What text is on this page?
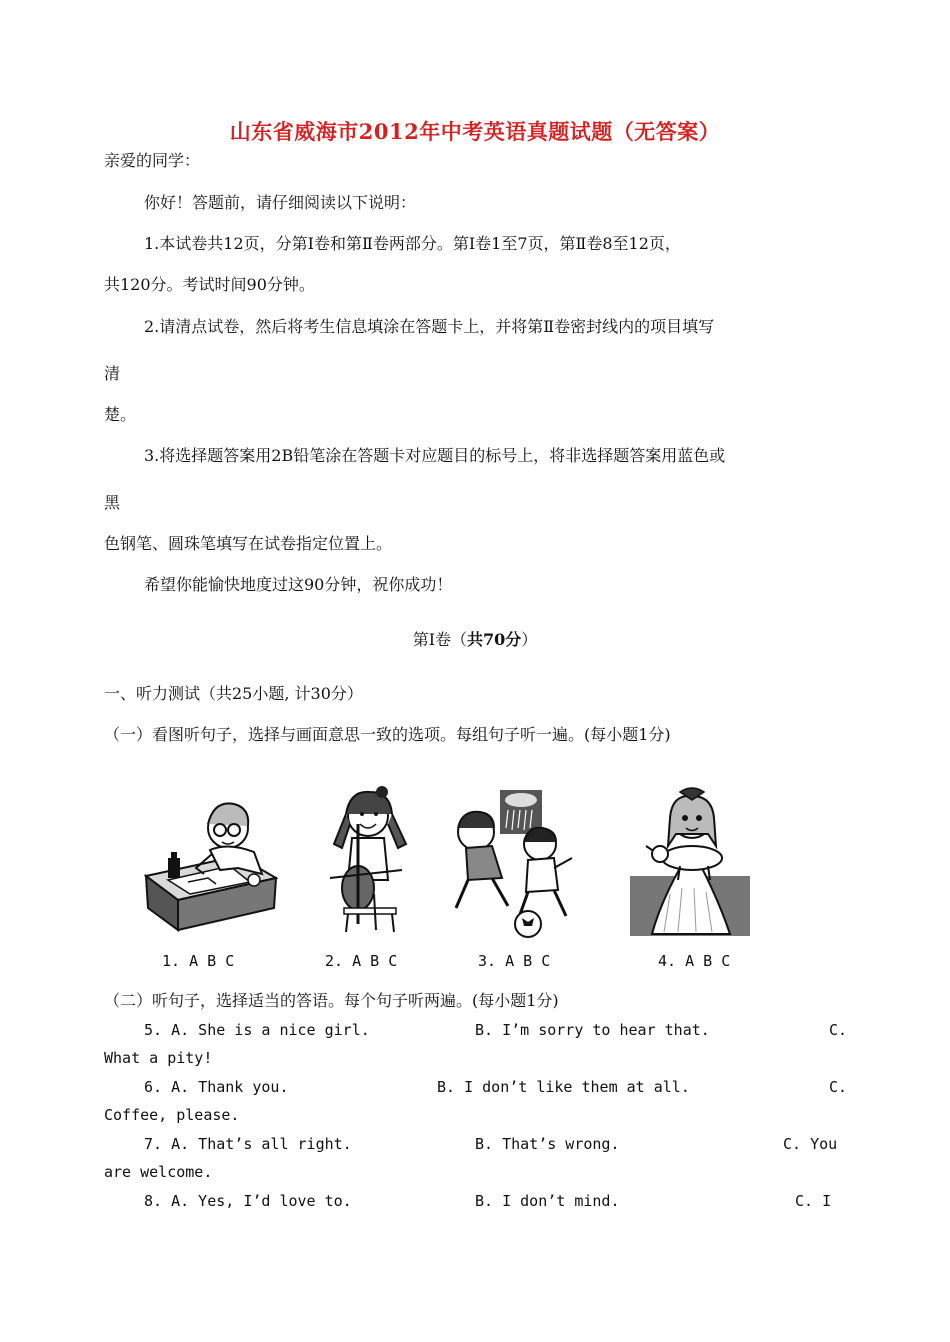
山东省威海市2012年中考英语真题试题（无答案）
亲爱的同学：
你好！答题前，请仔细阅读以下说明：
1.本试卷共12页，分第Ⅰ卷和第Ⅱ卷两部分。第Ⅰ卷1至7页，第Ⅱ卷8至12页，
共120分。考试时间90分钟。
2.请清点试卷，然后将考生信息填涂在答题卡上，并将第Ⅱ卷密封线内的项目填写
清
楚。
3.将选择题答案用2B铅笔涂在答题卡对应题目的标号上，将非选择题答案用蓝色或
黑
色钢笔、圆珠笔填写在试卷指定位置上。
希望你能愉快地度过这90分钟，祝你成功！
第Ⅰ卷（共70分）
一、听力测试（共25小题, 计30分）
（一）看图听句子，选择与画面意思一致的选项。每组句子听一遍。(每小题1分)
1. A B C	2. A B C	3. A B C	4. A B C
（二）听句子，选择适当的答语。每个句子听两遍。(每小题1分)
5. A. She is a nice girl.	B. I’m sorry to hear that.	C.
What a pity!
6. A. Thank you.	B. I don’t like them at all.	C.
Coffee, please.
7. A. That’s all right.	B. That’s wrong.	C. You
are welcome.
8. A. Yes, I’d love to.	B. I don’t mind.	C. I
